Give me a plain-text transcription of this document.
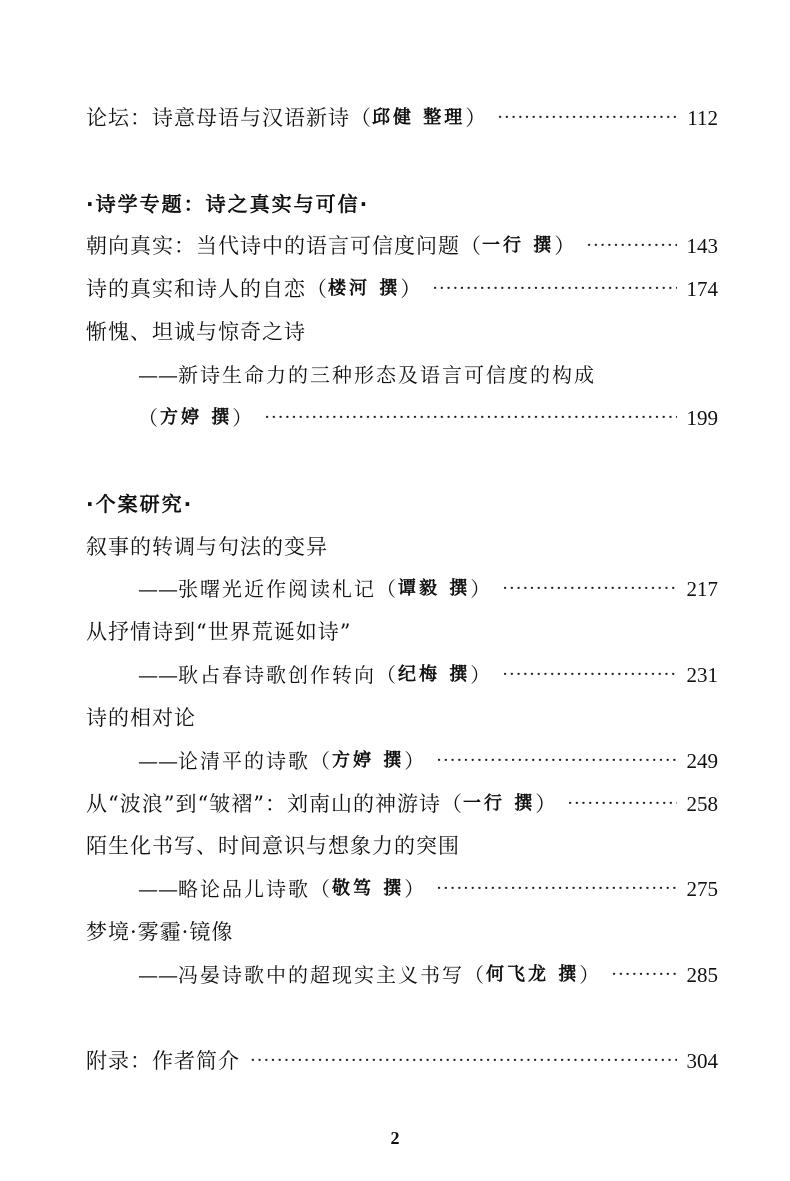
论坛：诗意母语与汉语新诗（ 邱健 整理 ） ·····	112
·诗学专题：诗之真实与可信·
朝向真实：当代诗中的语言可信度问题（ 一行 撰 ） ·····	143
诗的真实和诗人的自恋（ 楼河 撰 ） ·····	174
惭愧、坦诚与惊奇之诗
—— 新诗生命力的三种形态及语言可信度的构成
（ 方婷 撰 ） ·····	199
·个案研究·
叙事的转调与句法的变异
—— 张曙光近作阅读札记（ 谭毅 撰 ） ·····	217
从抒情诗到“世界荒诞如诗”
—— 耿占春诗歌创作转向（ 纪梅 撰 ） ·····	231
诗的相对论
—— 论清平的诗歌（ 方婷 撰 ） ·····	249
从“波浪”到“皱褶”：刘南山的神游诗（ 一行 撰 ） ·····	258
陌生化书写、时间意识与想象力的突围
—— 略论品儿诗歌（ 敬笃 撰 ） ·····	275
梦境·雾霾·镜像
—— 冯晏诗歌中的超现实主义书写（ 何飞龙 撰 ） ·····	285
附录：作者简介 ·····	304
2
